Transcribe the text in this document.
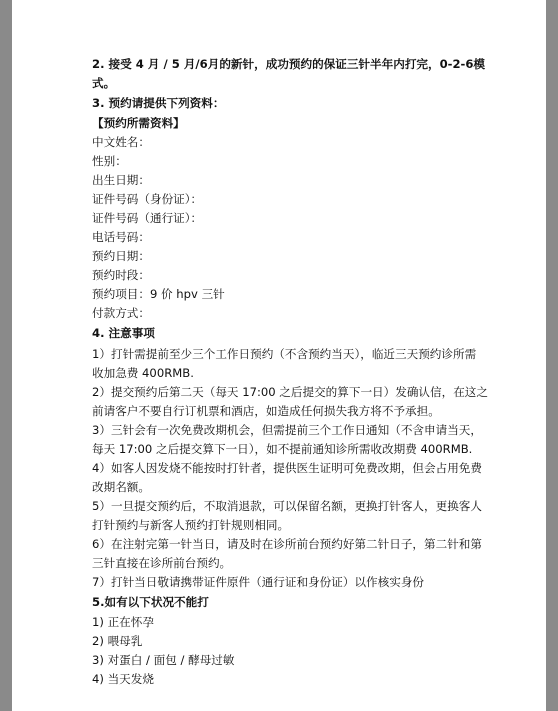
2. 接受 4 月 / 5 月/6月的新针，成功预约的保证三针半年内打完，0-2-6模
式。
3. 预约请提供下列资料：
【预约所需资料】
中文姓名：
性别：
出生日期：
证件号码（身份证）：
证件号码（通行证）：
电话号码：
预约日期：
预约时段：
预约项目：9 价 hpv 三针
付款方式：
4. 注意事项
1）打针需提前至少三个工作日预约（不含预约当天），临近三天预约诊所需
收加急费 400RMB.
2）提交预约后第二天（每天 17:00 之后提交的算下一日）发确认信，在这之
前请客户不要自行订机票和酒店，如造成任何损失我方将不予承担。
3）三针会有一次免费改期机会，但需提前三个工作日通知（不含申请当天，
每天 17:00 之后提交算下一日），如不提前通知诊所需收改期费 400RMB.
4）如客人因发烧不能按时打针者，提供医生证明可免费改期，但会占用免费
改期名额。
5）一旦提交预约后，不取消退款，可以保留名额，更换打针客人，更换客人
打针预约与新客人预约打针规则相同。
6）在注射完第一针当日，请及时在诊所前台预约好第二针日子，第二针和第
三针直接在诊所前台预约。
7）打针当日敬请携带证件原件（通行证和身份证）以作核实身份
5.如有以下状况不能打
1) 正在怀孕
2) 喂母乳
3) 对蛋白 / 面包 / 酵母过敏
4) 当天发烧
